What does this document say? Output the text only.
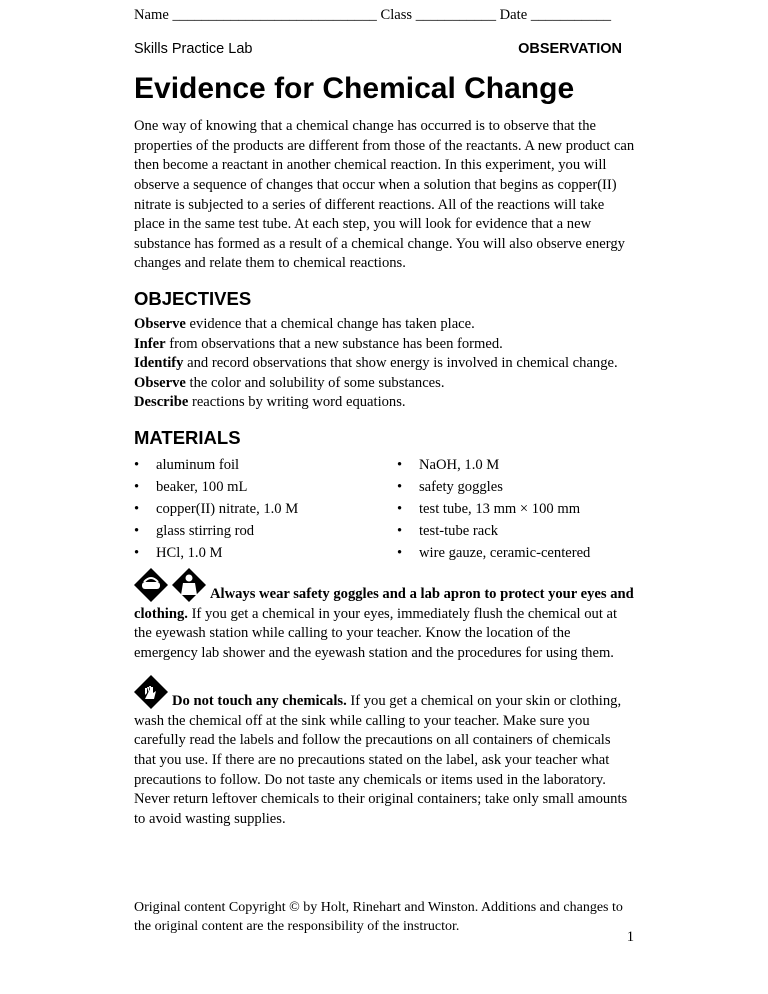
Name ____________________________ Class ___________ Date ___________
Skills Practice Lab	OBSERVATION
Evidence for Chemical Change

One way of knowing that a chemical change has occurred is to observe that the properties of the products are different from those of the reactants. A new product can then become a reactant in another chemical reaction. In this experiment, you will observe a sequence of changes that occur when a solution that begins as copper(II) nitrate is subjected to a series of different reactions. All of the reactions will take place in the same test tube. At each step, you will look for evidence that a new substance has formed as a result of a chemical change. You will also observe energy changes and relate them to chemical reactions.

OBJECTIVES

Observe evidence that a chemical change has taken place.

Infer from observations that a new substance has been formed.

Identify and record observations that show energy is involved in chemical change.

Observe the color and solubility of some substances.

Describe reactions by writing word equations.

MATERIALS
• aluminum foil
• beaker, 100 mL
• copper(II) nitrate, 1.0 M
• glass stirring rod
• HCl, 1.0 M
• NaOH, 1.0 M
• safety goggles
• test tube, 13 mm × 100 mm
• test-tube rack
• wire gauze, ceramic-centered

Always wear safety goggles and a lab apron to protect your eyes and clothing. If you get a chemical in your eyes, immediately flush the chemical out at the eyewash station while calling to your teacher. Know the location of the emergency lab shower and the eyewash station and the procedures for using them.

Do not touch any chemicals. If you get a chemical on your skin or clothing, wash the chemical off at the sink while calling to your teacher. Make sure you carefully read the labels and follow the precautions on all containers of chemicals that you use. If there are no precautions stated on the label, ask your teacher what precautions to follow. Do not taste any chemicals or items used in the laboratory. Never return leftover chemicals to their original containers; take only small amounts to avoid wasting supplies.

Original content Copyright © by Holt, Rinehart and Winston. Additions and changes to the original content are the responsibility of the instructor.

1
